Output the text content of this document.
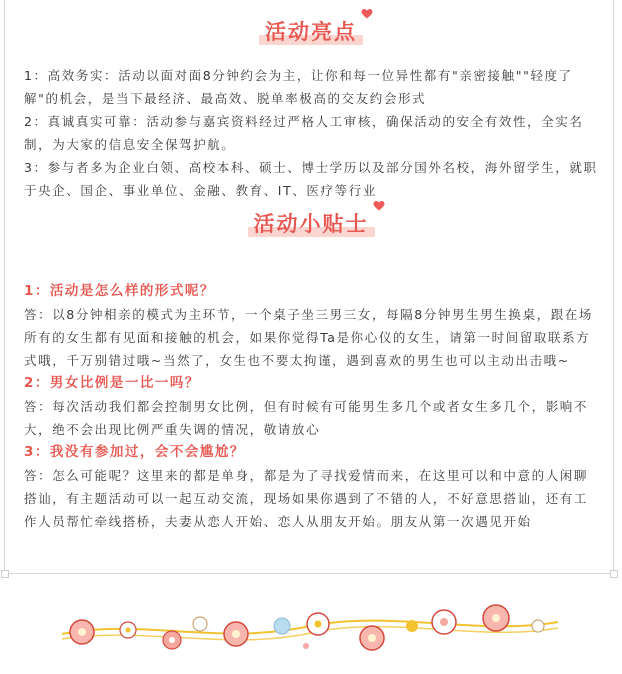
活动亮点

1：高效务实：活动以面对面8分钟约会为主，让你和每一位异性都有"亲密接触""轻度了解"的机会，是当下最经济、最高效、脱单率极高的交友约会形式

2：真诚真实可靠：活动参与嘉宾资料经过严格人工审核，确保活动的安全有效性，全实名制，为大家的信息安全保驾护航。

3：参与者多为企业白领、高校本科、硕士、博士学历以及部分国外名校，海外留学生，就职于央企、国企、事业单位、金融、教育、IT、医疗等行业

活动小贴士

1：活动是怎么样的形式呢？

答：以8分钟相亲的模式为主环节，一个桌子坐三男三女，每隔8分钟男生男生换桌，跟在场所有的女生都有见面和接触的机会，如果你觉得Ta是你心仪的女生，请第一时间留取联系方式哦，千万别错过哦~当然了，女生也不要太拘谨，遇到喜欢的男生也可以主动出击哦~

2：男女比例是一比一吗？

答：每次活动我们都会控制男女比例，但有时候有可能男生多几个或者女生多几个，影响不大，绝不会出现比例严重失调的情况，敬请放心

3：我没有参加过，会不会尴尬？

答：怎么可能呢？这里来的都是单身，都是为了寻找爱情而来，在这里可以和中意的人闲聊搭讪，有主题活动可以一起互动交流，现场如果你遇到了不错的人，不好意思搭讪，还有工作人员帮忙牵线搭桥，夫妻从恋人开始、恋人从朋友开始。朋友从第一次遇见开始
